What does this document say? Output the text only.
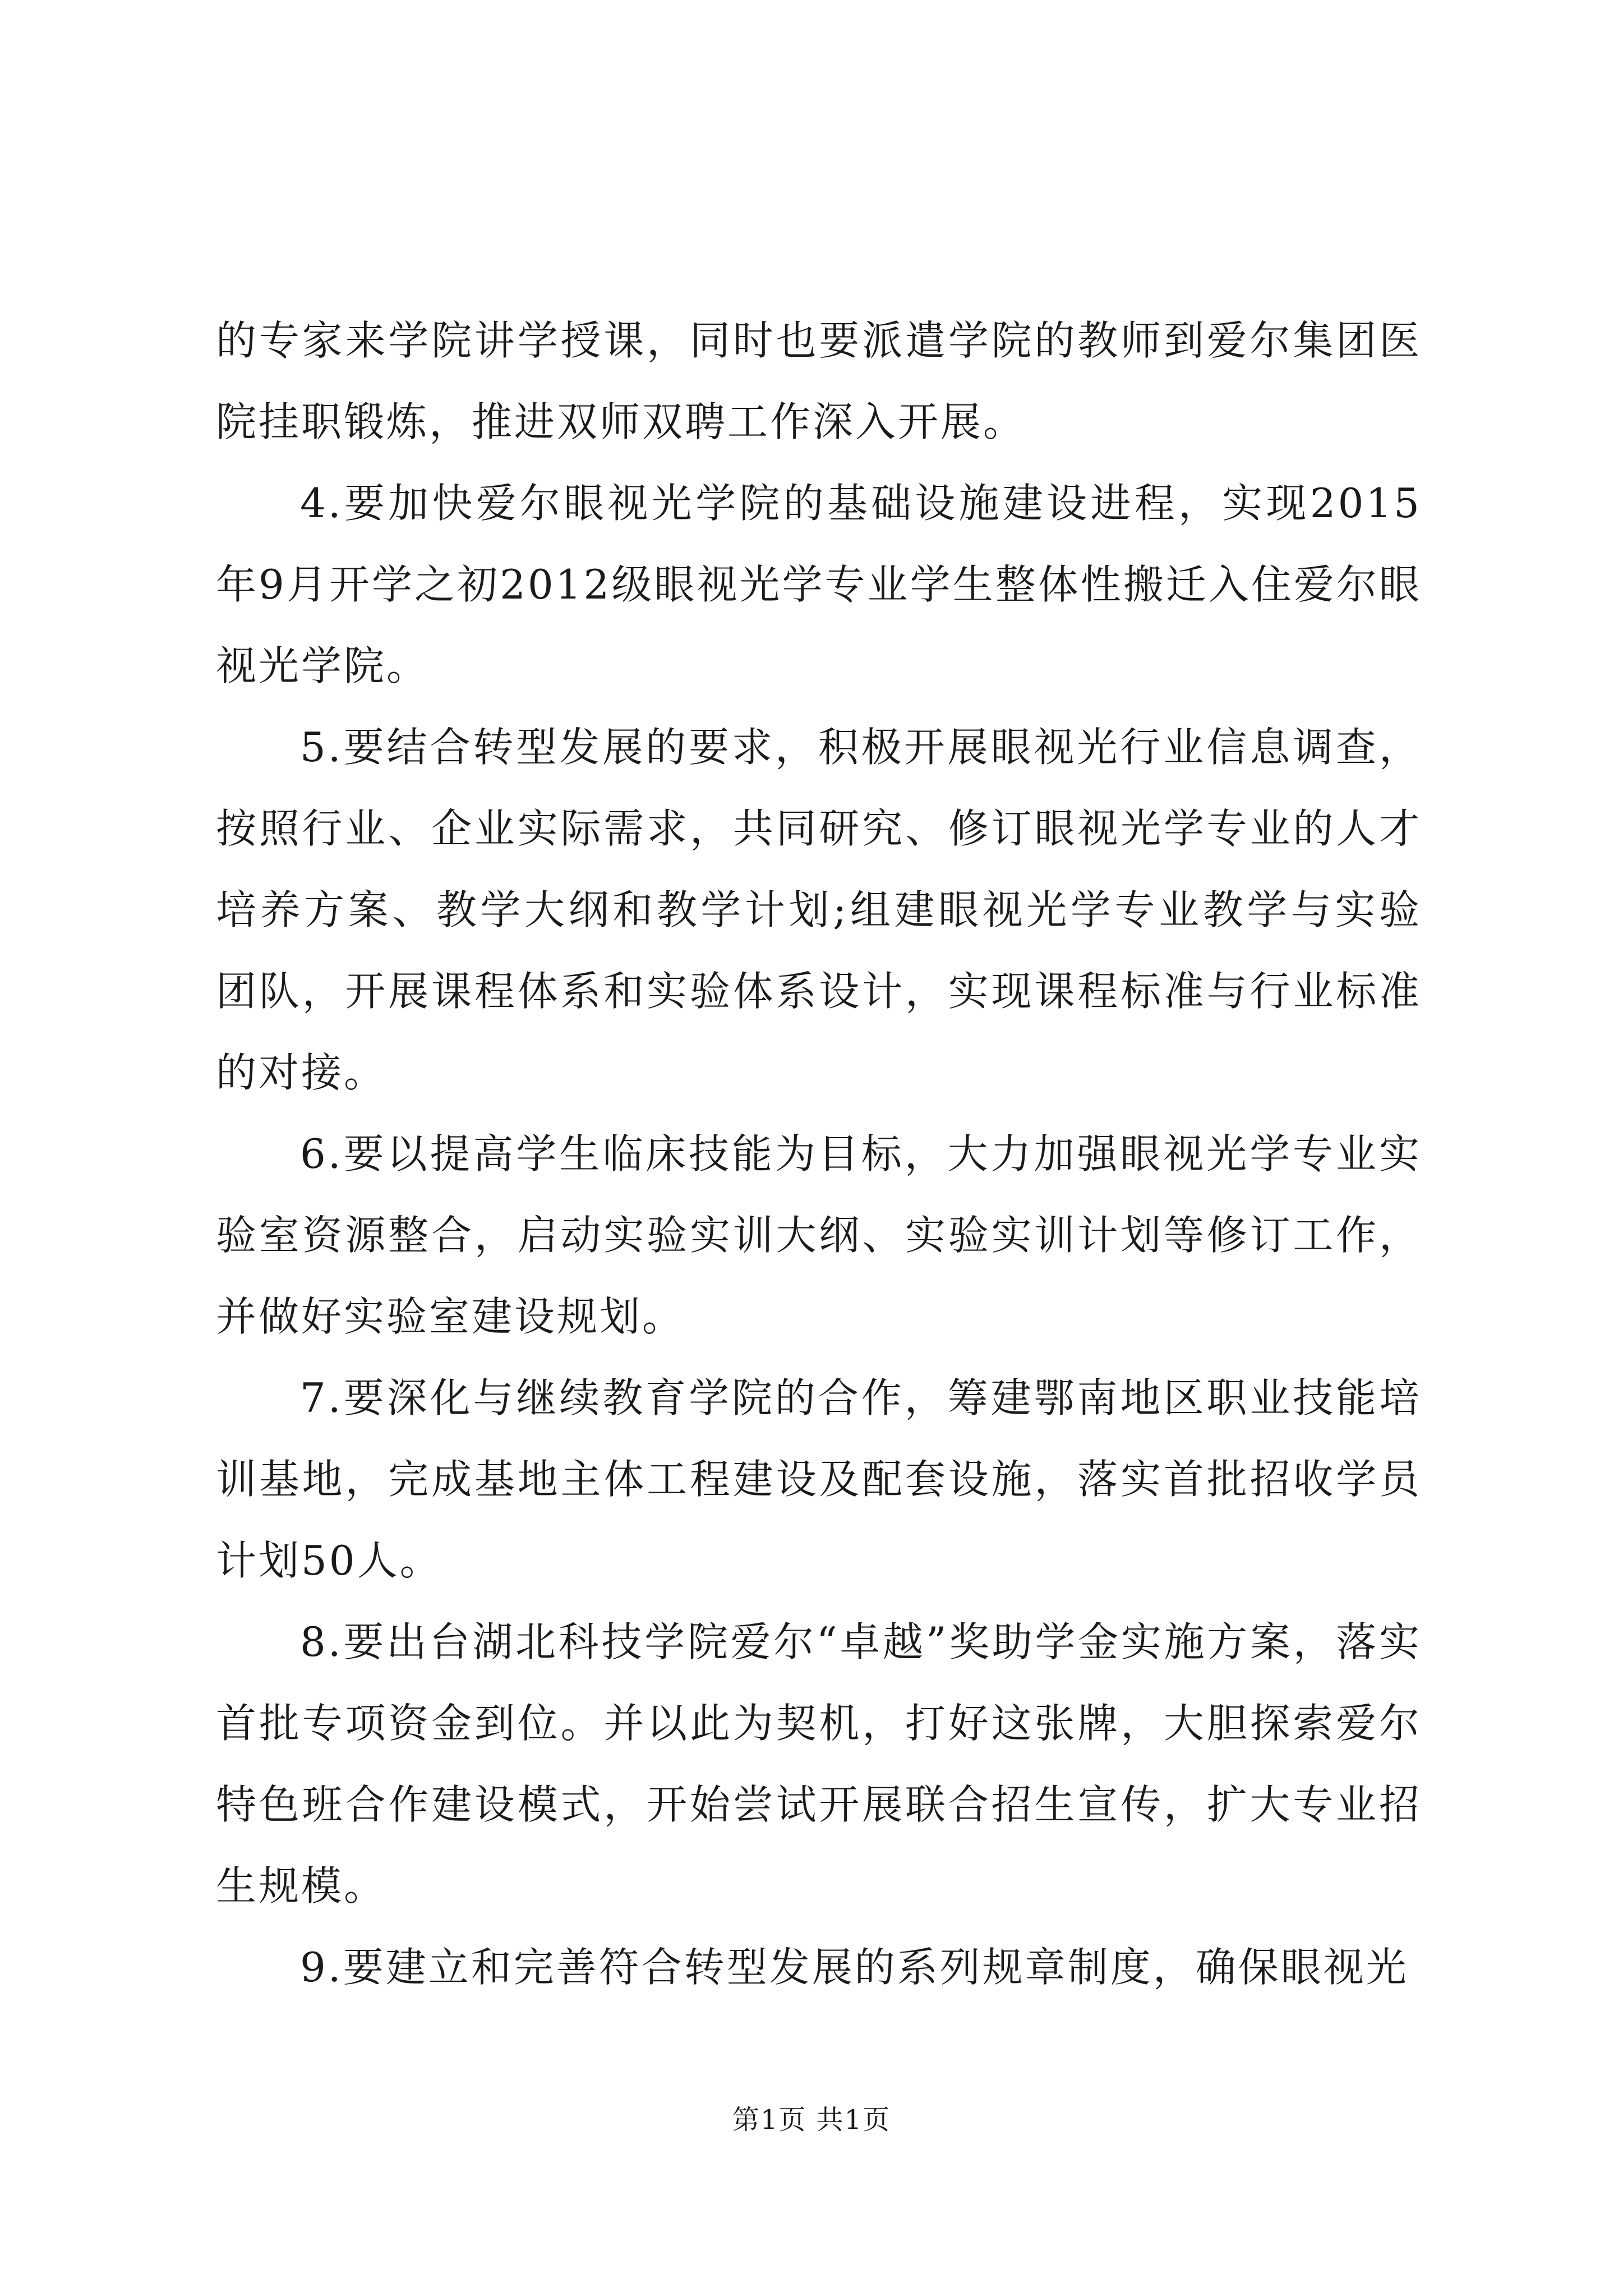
的专家来学院讲学授课，同时也要派遣学院的教师到爱尔集团医院挂职锻炼，推进双师双聘工作深入开展。

4.要加快爱尔眼视光学院的基础设施建设进程，实现2015年9月开学之初2012级眼视光学专业学生整体性搬迁入住爱尔眼视光学院。

5.要结合转型发展的要求，积极开展眼视光行业信息调查，按照行业、企业实际需求，共同研究、修订眼视光学专业的人才培养方案、教学大纲和教学计划;组建眼视光学专业教学与实验团队，开展课程体系和实验体系设计，实现课程标准与行业标准的对接。

6.要以提高学生临床技能为目标，大力加强眼视光学专业实验室资源整合，启动实验实训大纲、实验实训计划等修订工作，并做好实验室建设规划。

7.要深化与继续教育学院的合作，筹建鄂南地区职业技能培训基地，完成基地主体工程建设及配套设施，落实首批招收学员计划50人。

8.要出台湖北科技学院爱尔“卓越”奖助学金实施方案，落实首批专项资金到位。并以此为契机，打好这张牌，大胆探索爱尔特色班合作建设模式，开始尝试开展联合招生宣传，扩大专业招生规模。

9.要建立和完善符合转型发展的系列规章制度，确保眼视光

第1页 共1页
